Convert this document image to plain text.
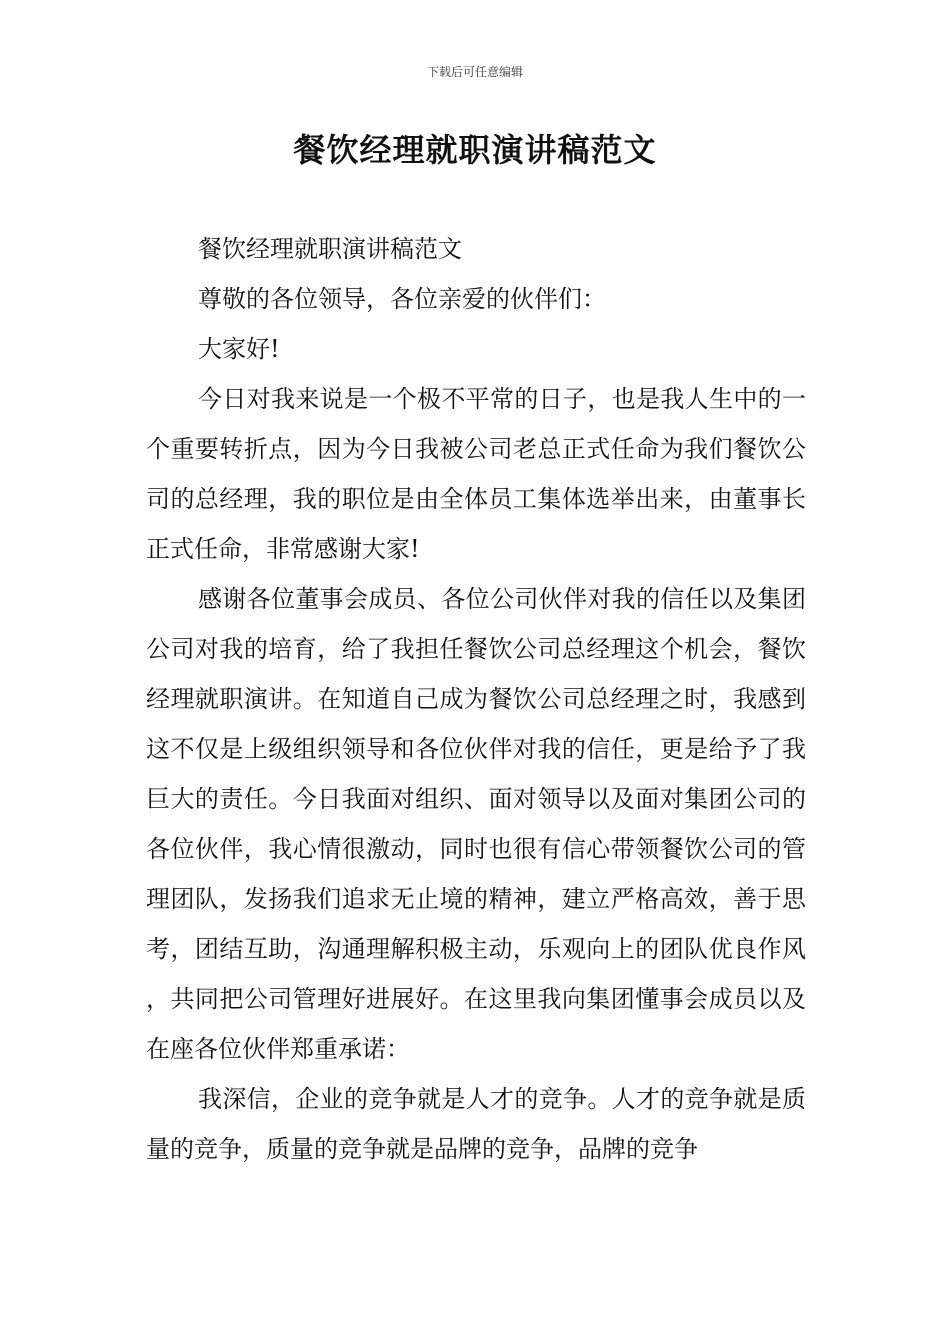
下载后可任意编辑
餐饮经理就职演讲稿范文

餐饮经理就职演讲稿范文

尊敬的各位领导，各位亲爱的伙伴们：

大家好!

今日对我来说是一个极不平常的日子，也是我人生中的一个重要转折点，因为今日我被公司老总正式任命为我们餐饮公司的总经理，我的职位是由全体员工集体选举出来，由董事长正式任命，非常感谢大家!

感谢各位董事会成员、各位公司伙伴对我的信任以及集团公司对我的培育，给了我担任餐饮公司总经理这个机会，餐饮经理就职演讲。在知道自己成为餐饮公司总经理之时，我感到这不仅是上级组织领导和各位伙伴对我的信任，更是给予了我巨大的责任。今日我面对组织、面对领导以及面对集团公司的各位伙伴，我心情很激动，同时也很有信心带领餐饮公司的管理团队，发扬我们追求无止境的精神，建立严格高效，善于思考，团结互助，沟通理解积极主动，乐观向上的团队优良作风，共同把公司管理好进展好。在这里我向集团懂事会成员以及在座各位伙伴郑重承诺：

我深信，企业的竞争就是人才的竞争。人才的竞争就是质量的竞争，质量的竞争就是品牌的竞争，品牌的竞争
